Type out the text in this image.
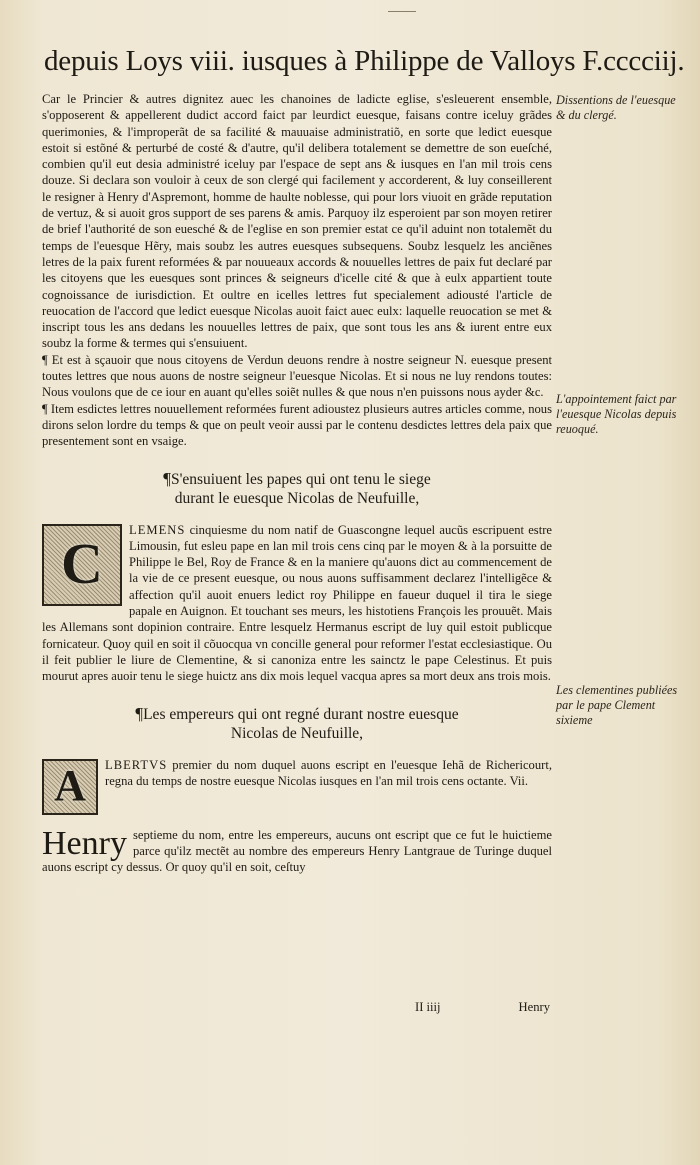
depuis Loys viii. iusques à Philippe de Valloys F.cccciij.

Car le Princier & autres dignitez auec les chanoines de ladicte eglise, s'esleuerent ensemble, s'opposerent & appellerent dudict accord faict par leurdict euesque, faisans contre iceluy grãdes querimonies, & l'improperãt de sa facilité & mauuaise administratiõ, en sorte que ledict euesque estoit si estõné & perturbé de costé & d'autre, qu'il delibera totalement se demettre de son eueſché, combien qu'il eut desia administré iceluy par l'espace de sept ans & iusques en l'an mil trois cens douze. Si declara son vouloir à ceux de son clergé qui facilement y accorderent, & luy conseillerent le resigner à Henry d'Aspremont, homme de haulte noblesse, qui pour lors viuoit en grãde reputation de vertuz, & si auoit gros support de ses parens & amis. Parquoy ilz esperoient par son moyen retirer de brief l'authorité de son euesché & de l'eglise en son premier estat ce qu'il aduint non totalemẽt du temps de l'euesque Hẽry, mais soubz les autres euesques subsequens. Soubz lesquelz les anciẽnes letres de la paix furent reformées & par nouueaux accords & nouuelles lettres de paix fut declaré par les citoyens que les euesques sont princes & seigneurs d'icelle cité & que à eulx appartient toute cognoissance de iurisdiction. Et oultre en icelles lettres fut specialement adiousté l'article de reuocation de l'accord que ledict euesque Nicolas auoit faict auec eulx: laquelle reuocation se met & inscript tous les ans dedans les nouuelles lettres de paix, que sont tous les ans & iurent entre eux soubz la forme & termes qui s'ensuiuent.

¶ Et est à sçauoir que nous citoyens de Verdun deuons rendre à nostre seigneur N. euesque present toutes lettres que nous auons de nostre seigneur l'euesque Nicolas. Et si nous ne luy rendons toutes: Nous voulons que de ce iour en auant qu'elles soiẽt nulles & que nous n'en puissons nous ayder &c.

¶ Item esdictes lettres nouuellement reformées furent adioustez plusieurs autres articles comme, nous dirons selon lordre du temps & que on peult veoir aussi par le contenu desdictes lettres dela paix que presentement sont en vsaige.

¶S'ensuiuent les papes qui ont tenu le siege
durant le euesque Nicolas de Neufuille,

C
LEMENS cinquiesme du nom natif de Guascongne lequel aucũs escripuent estre Limousin, fut esleu pape en lan mil trois cens cinq par le moyen & à la porsuitte de Philippe le Bel, Roy de France & en la maniere qu'auons dict au commencement de la vie de ce present euesque, ou nous auons suffisamment declarez l'intelligẽce & affection qu'il auoit enuers ledict roy Philippe en faueur duquel il tira le siege papale en Auignon. Et touchant ses meurs, les histotiens François les prouuẽt. Mais les Allemans sont dopinion contraire. Entre lesquelz Hermanus escript de luy quil estoit publicque fornicateur. Quoy quil en soit il cõuocqua vn concille general pour reformer l'estat ecclesiastique. Ou il feit publier le liure de Clementine, & si canoniza entre les sainctz le pape Celestinus. Et puis mourut apres auoir tenu le siege huictz ans dix mois lequel vacqua apres sa mort deux ans trois mois.

¶Les empereurs qui ont regné durant nostre euesque
Nicolas de Neufuille,

A	LBERTVS premier du nom duquel auons escript en l'euesque Iehã de Richericourt, regna du temps de nostre euesque Nicolas iusques en l'an mil trois cens octante. Vii.

Henry septieme du nom, entre les empereurs, aucuns ont escript que ce fut le huictieme parce qu'ilz mectẽt au nombre des empereurs Henry Lantgraue de Turinge duquel auons escript cy dessus. Or quoy qu'il en soit, ceſtuy

II iiij	Henry
Dissentions de l'euesque & du clergé.
L'appointement faict par l'euesque Nicolas depuis reuoqué.
Les clementines publiées par le pape Clement sixieme
